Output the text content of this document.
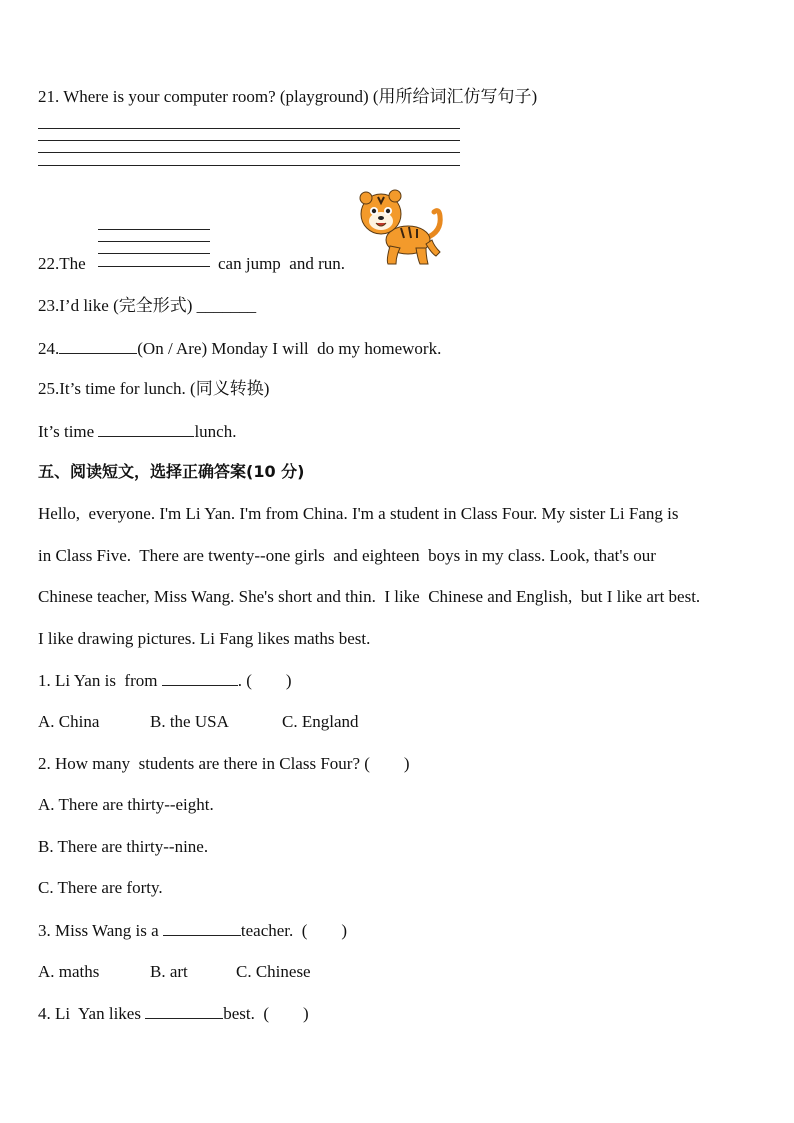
21. Where is your computer room? (playground) (用所给词汇仿写句子)
22.The	can jump  and run.
23.I’d like (完全形式) _______
24.	(On / Are) Monday I will  do my homework.
25.It’s time for lunch. (同义转换)
It’s time	lunch.
五、阅读短文，选择正确答案(10 分)
Hello,  everyone. I'm Li Yan. I'm from China. I'm a student in Class Four. My sister Li Fang is
in Class Five.  There are twenty--one girls  and eighteen  boys in my class. Look, that's our
Chinese teacher, Miss Wang. She's short and thin.  I like  Chinese and English,  but I like art best.
I like drawing pictures. Li Fang likes maths best.
1. Li Yan is  from	. (        )
A. China	B. the USA	C. England
2. How many  students are there in Class Four? (        )
A. There are thirty--eight.
B. There are thirty--nine.
C. There are forty.
3. Miss Wang is a	teacher.  (        )
A. maths	B. art	C. Chinese
4. Li  Yan likes	best.  (        )
